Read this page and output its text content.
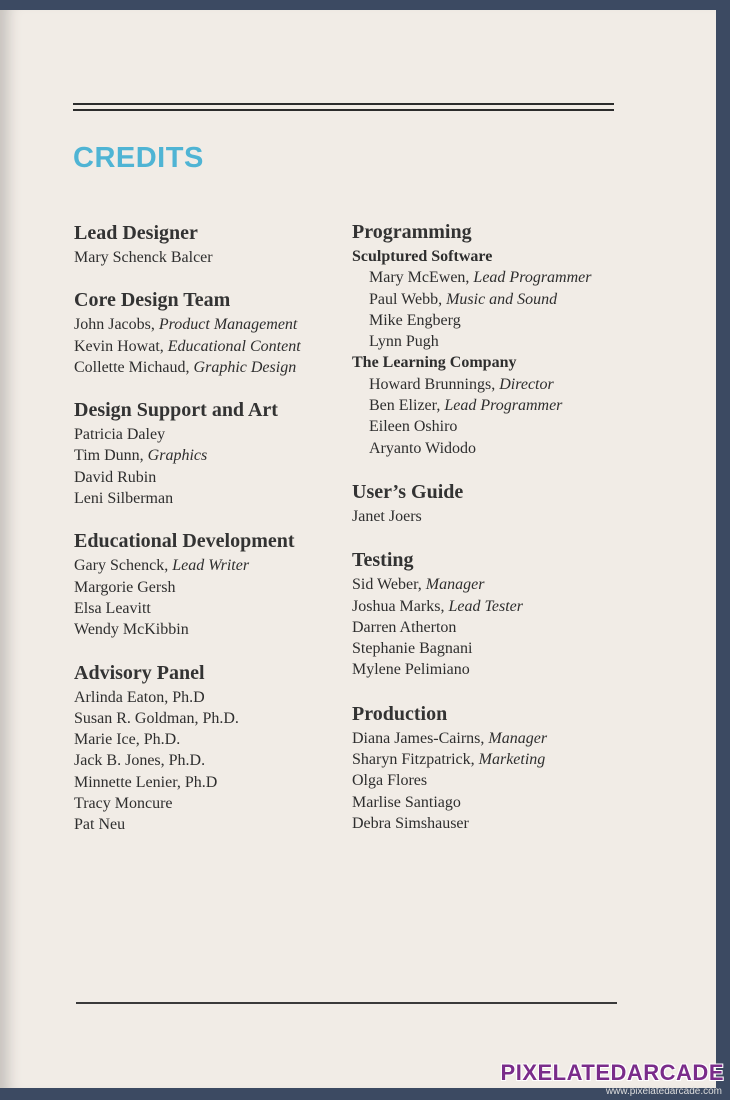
CREDITS
Lead Designer
Mary Schenck Balcer
Core Design Team
John Jacobs, Product Management
Kevin Howat, Educational Content
Collette Michaud, Graphic Design
Design Support and Art
Patricia Daley
Tim Dunn, Graphics
David Rubin
Leni Silberman
Educational Development
Gary Schenck, Lead Writer
Margorie Gersh
Elsa Leavitt
Wendy McKibbin
Advisory Panel
Arlinda Eaton, Ph.D
Susan R. Goldman, Ph.D.
Marie Ice, Ph.D.
Jack B. Jones, Ph.D.
Minnette Lenier, Ph.D
Tracy Moncure
Pat Neu
Programming
Sculptured Software
Mary McEwen, Lead Programmer
Paul Webb, Music and Sound
Mike Engberg
Lynn Pugh
The Learning Company
Howard Brunnings, Director
Ben Elizer, Lead Programmer
Eileen Oshiro
Aryanto Widodo
User’s Guide
Janet Joers
Testing
Sid Weber, Manager
Joshua Marks, Lead Tester
Darren Atherton
Stephanie Bagnani
Mylene Pelimiano
Production
Diana James-Cairns, Manager
Sharyn Fitzpatrick, Marketing
Olga Flores
Marlise Santiago
Debra Simshauser
PIXELATEDARCADE
www.pixelatedarcade.com
